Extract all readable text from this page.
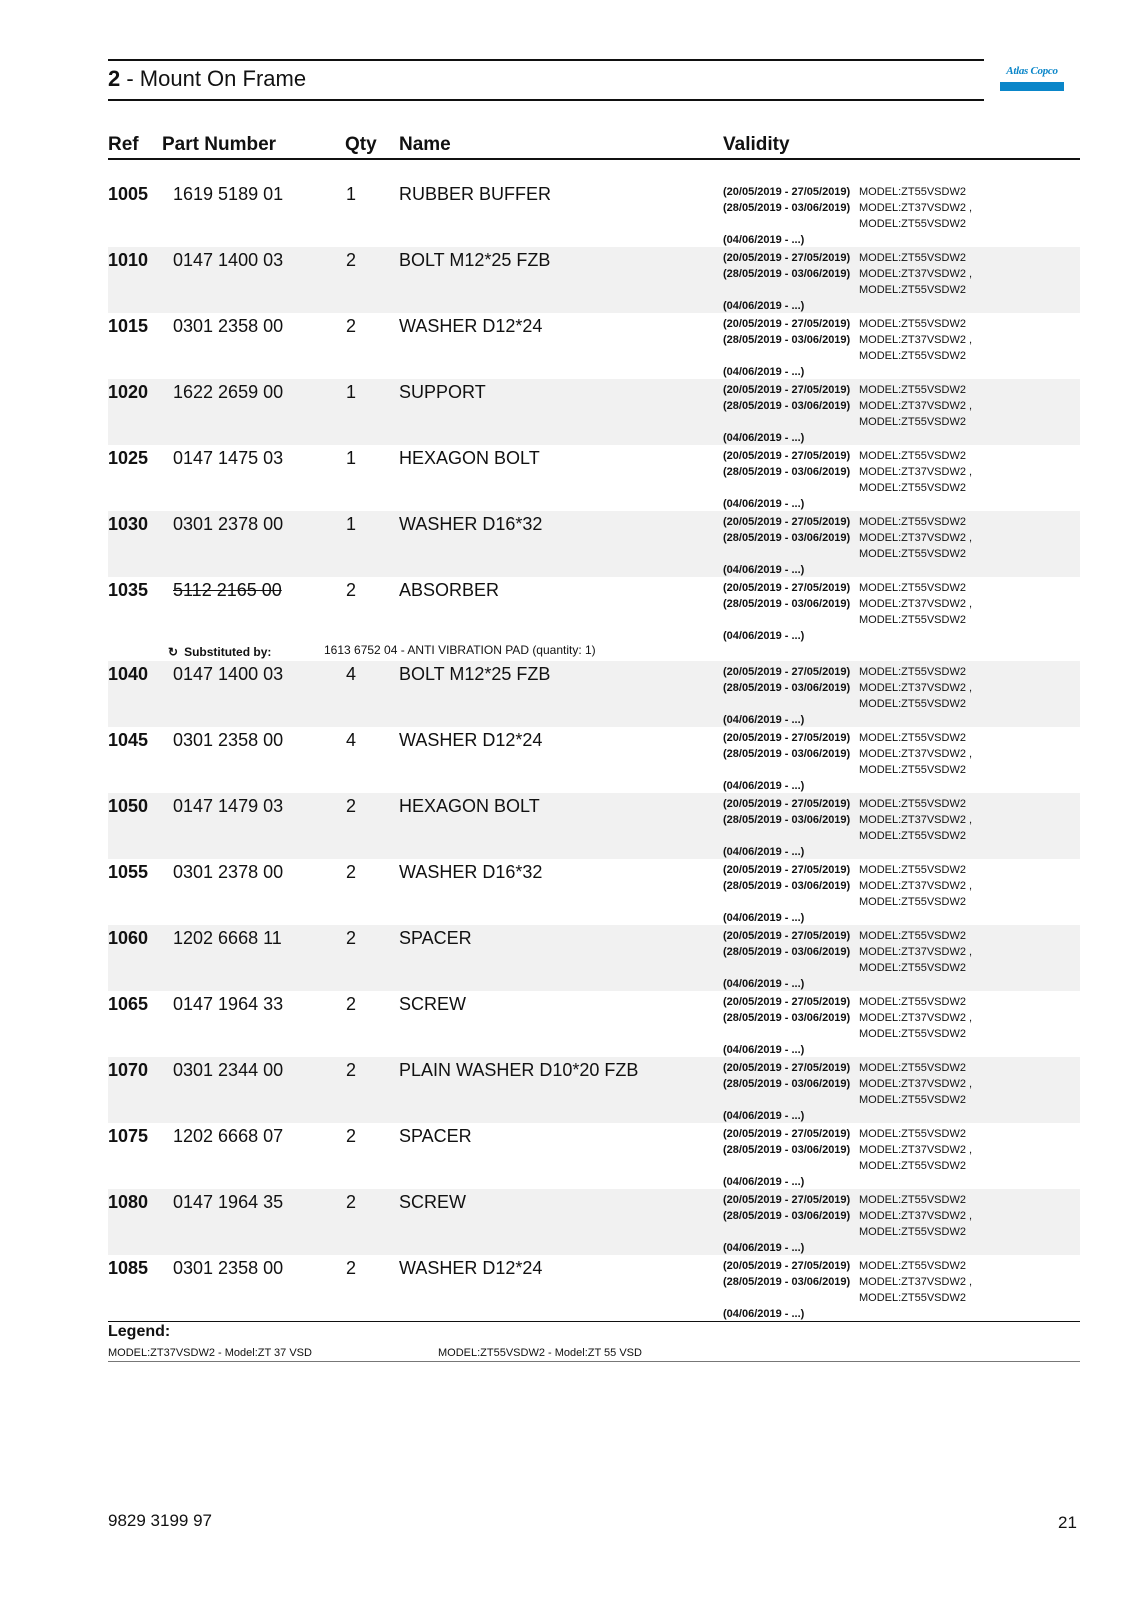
2 - Mount On Frame	Atlas Copco
Ref Part Number	Qty Name	Validity
1005 1619 5189 01	1 RUBBER BUFFER	(20/05/2019 - 27/05/2019) MODEL:ZT55VSDW2
(28/05/2019 - 03/06/2019) MODEL:ZT37VSDW2 ,
MODEL:ZT55VSDW2
(04/06/2019 - ...)
1010 0147 1400 03	2 BOLT M12*25 FZB	(20/05/2019 - 27/05/2019) MODEL:ZT55VSDW2
(28/05/2019 - 03/06/2019) MODEL:ZT37VSDW2 ,
MODEL:ZT55VSDW2
(04/06/2019 - ...)
1015 0301 2358 00	2 WASHER D12*24	(20/05/2019 - 27/05/2019) MODEL:ZT55VSDW2
(28/05/2019 - 03/06/2019) MODEL:ZT37VSDW2 ,
MODEL:ZT55VSDW2
(04/06/2019 - ...)
1020 1622 2659 00	1 SUPPORT	(20/05/2019 - 27/05/2019) MODEL:ZT55VSDW2
(28/05/2019 - 03/06/2019) MODEL:ZT37VSDW2 ,
MODEL:ZT55VSDW2
(04/06/2019 - ...)
1025 0147 1475 03	1 HEXAGON BOLT	(20/05/2019 - 27/05/2019) MODEL:ZT55VSDW2
(28/05/2019 - 03/06/2019) MODEL:ZT37VSDW2 ,
MODEL:ZT55VSDW2
(04/06/2019 - ...)
1030 0301 2378 00	1 WASHER D16*32	(20/05/2019 - 27/05/2019) MODEL:ZT55VSDW2
(28/05/2019 - 03/06/2019) MODEL:ZT37VSDW2 ,
MODEL:ZT55VSDW2
(04/06/2019 - ...)
1035 5112 2165 00	2 ABSORBER	(20/05/2019 - 27/05/2019) MODEL:ZT55VSDW2
(28/05/2019 - 03/06/2019) MODEL:ZT37VSDW2 ,
MODEL:ZT55VSDW2
(04/06/2019 - ...)
↻ Substituted by:	1613 6752 04 - ANTI VIBRATION PAD (quantity: 1)
1040 0147 1400 03	4 BOLT M12*25 FZB	(20/05/2019 - 27/05/2019) MODEL:ZT55VSDW2
(28/05/2019 - 03/06/2019) MODEL:ZT37VSDW2 ,
MODEL:ZT55VSDW2
(04/06/2019 - ...)
1045 0301 2358 00	4 WASHER D12*24	(20/05/2019 - 27/05/2019) MODEL:ZT55VSDW2
(28/05/2019 - 03/06/2019) MODEL:ZT37VSDW2 ,
MODEL:ZT55VSDW2
(04/06/2019 - ...)
1050 0147 1479 03	2 HEXAGON BOLT	(20/05/2019 - 27/05/2019) MODEL:ZT55VSDW2
(28/05/2019 - 03/06/2019) MODEL:ZT37VSDW2 ,
MODEL:ZT55VSDW2
(04/06/2019 - ...)
1055 0301 2378 00	2 WASHER D16*32	(20/05/2019 - 27/05/2019) MODEL:ZT55VSDW2
(28/05/2019 - 03/06/2019) MODEL:ZT37VSDW2 ,
MODEL:ZT55VSDW2
(04/06/2019 - ...)
1060 1202 6668 11	2 SPACER	(20/05/2019 - 27/05/2019) MODEL:ZT55VSDW2
(28/05/2019 - 03/06/2019) MODEL:ZT37VSDW2 ,
MODEL:ZT55VSDW2
(04/06/2019 - ...)
1065 0147 1964 33	2 SCREW	(20/05/2019 - 27/05/2019) MODEL:ZT55VSDW2
(28/05/2019 - 03/06/2019) MODEL:ZT37VSDW2 ,
MODEL:ZT55VSDW2
(04/06/2019 - ...)
1070 0301 2344 00	2 PLAIN WASHER D10*20 FZB	(20/05/2019 - 27/05/2019) MODEL:ZT55VSDW2
(28/05/2019 - 03/06/2019) MODEL:ZT37VSDW2 ,
MODEL:ZT55VSDW2
(04/06/2019 - ...)
1075 1202 6668 07	2 SPACER	(20/05/2019 - 27/05/2019) MODEL:ZT55VSDW2
(28/05/2019 - 03/06/2019) MODEL:ZT37VSDW2 ,
MODEL:ZT55VSDW2
(04/06/2019 - ...)
1080 0147 1964 35	2 SCREW	(20/05/2019 - 27/05/2019) MODEL:ZT55VSDW2
(28/05/2019 - 03/06/2019) MODEL:ZT37VSDW2 ,
MODEL:ZT55VSDW2
(04/06/2019 - ...)
1085 0301 2358 00	2 WASHER D12*24	(20/05/2019 - 27/05/2019) MODEL:ZT55VSDW2
(28/05/2019 - 03/06/2019) MODEL:ZT37VSDW2 ,
MODEL:ZT55VSDW2
(04/06/2019 - ...)
Legend:
MODEL:ZT37VSDW2 - Model:ZT 37 VSD	MODEL:ZT55VSDW2 - Model:ZT 55 VSD
9829 3199 97	21
